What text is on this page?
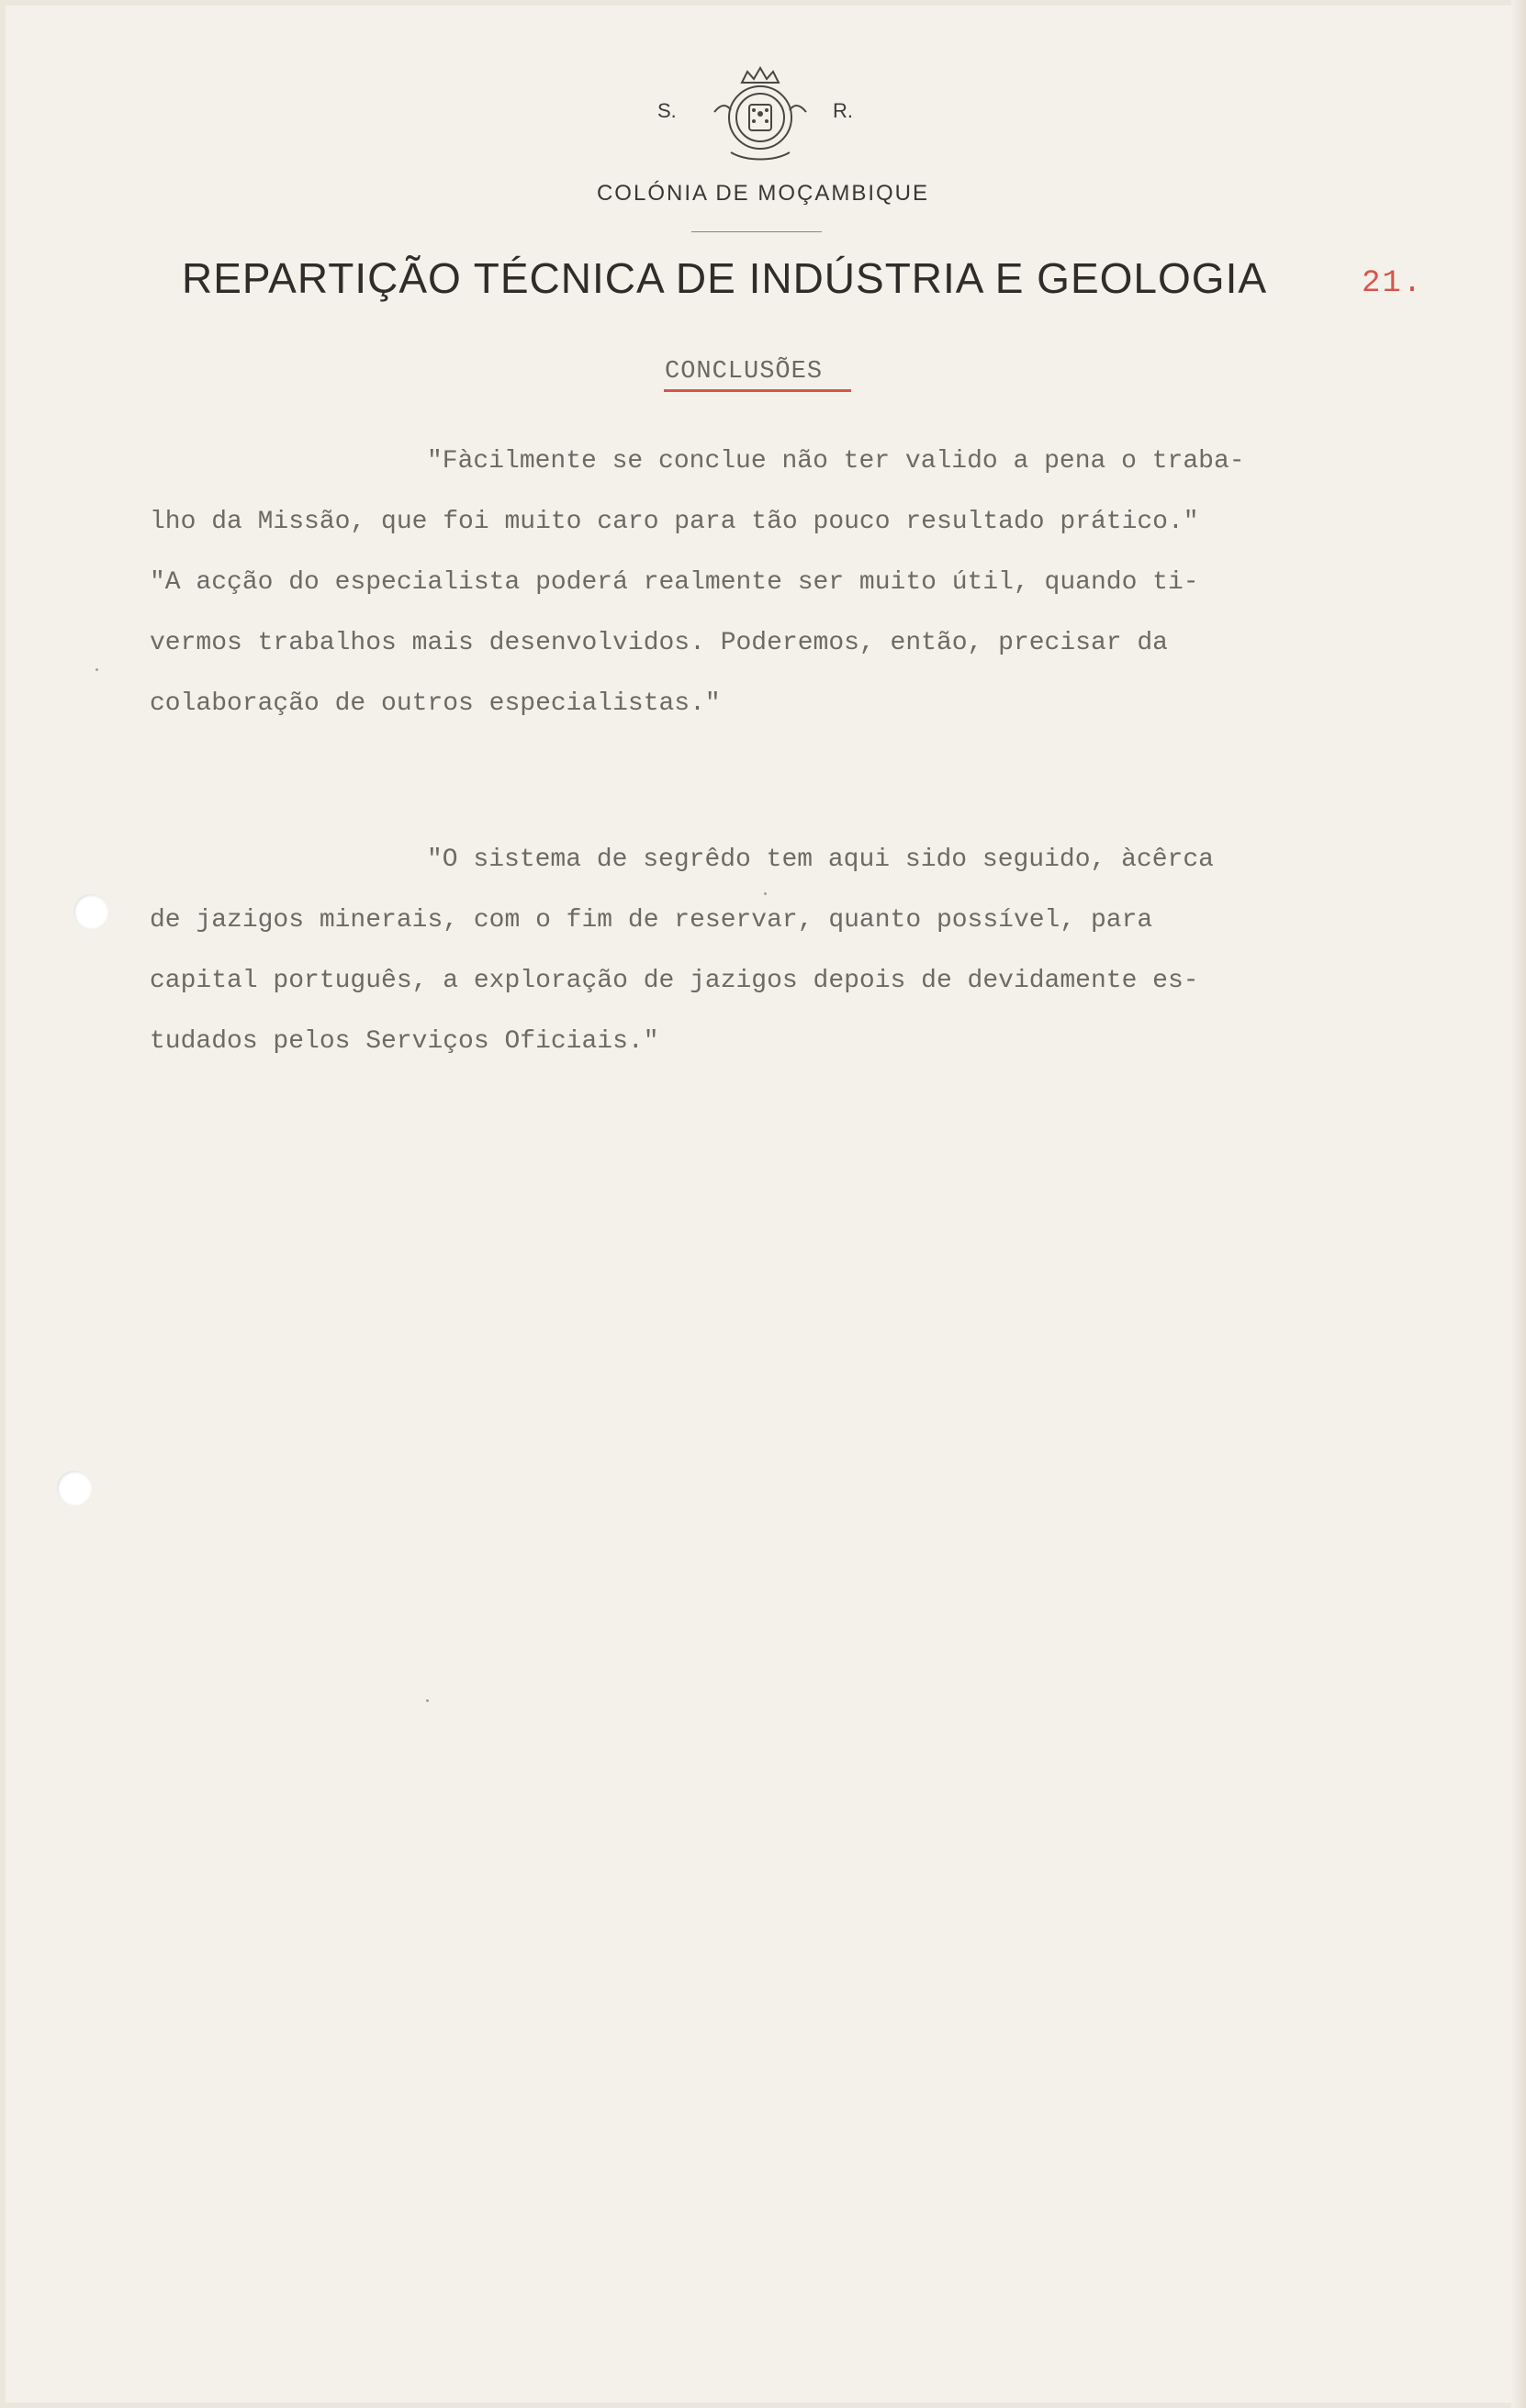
S.	R.
COLÓNIA DE MOÇAMBIQUE
REPARTIÇÃO TÉCNICA DE INDÚSTRIA E GEOLOGIA	21.
CONCLUSÕES
"Fàcilmente se conclue não ter valido a pena o traba-
lho da Missão, que foi muito caro para tão pouco resultado prático."
"A acção do especialista poderá realmente ser muito útil, quando ti-
vermos trabalhos mais desenvolvidos. Poderemos, então, precisar da
colaboração de outros especialistas."
"O sistema de segrêdo tem aqui sido seguido, àcêrca
de jazigos minerais, com o fim de reservar, quanto possível, para
capital português, a exploração de jazigos depois de devidamente es-
tudados pelos Serviços Oficiais."
